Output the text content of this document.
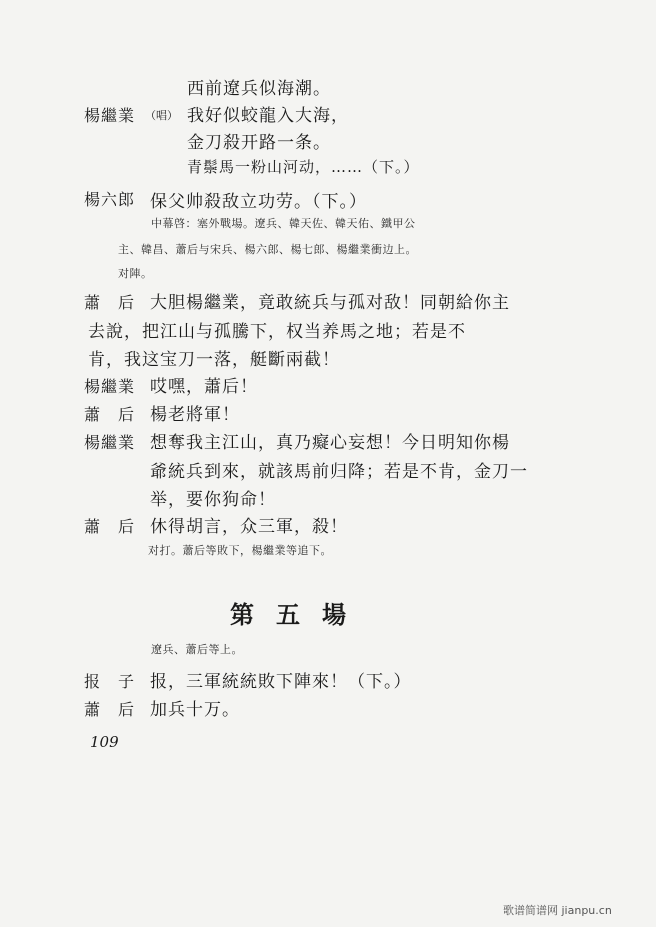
西前遼兵似海潮。
楊繼業 （唱） 我好似蛟龍入大海，
金刀殺开路一条。
青鬃馬一粉山河动，……（下。）
楊六郎 保父帅殺敌立功劳。（下。）
中幕啓：塞外戰場。遼兵、韓天佐、韓天佑、鐵甲公
主、韓昌、蕭后与宋兵、楊六郎、楊七郎、楊繼業衝边上。
对陣。
蕭　后 大胆楊繼業，竟敢統兵与孤对敌！同朝給你主
去說，把江山与孤騰下，权当养馬之地；若是不
肯，我这宝刀一落，艇斷兩截！
楊繼業 哎嘿，蕭后！
蕭　后 楊老將軍！
楊繼業 想奪我主江山，真乃癡心妄想！今日明知你楊
爺統兵到來，就該馬前归降；若是不肯，金刀一
举，要你狗命！
蕭　后 休得胡言，众三軍，殺！
对打。蕭后等敗下，楊繼業等追下。
第五場
遼兵、蕭后等上。
报　子 报，三軍統統敗下陣來！（下。）
蕭　后 加兵十万。
109
歌谱简谱网 jianpu.cn
